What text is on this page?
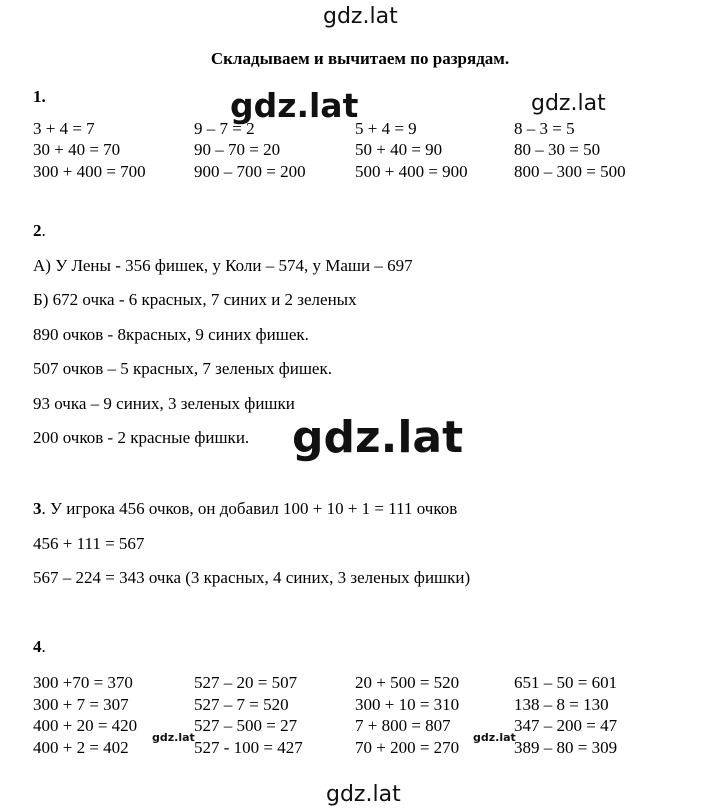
gdz.lat
gdz.lat
gdz.lat
Складываем и вычитаем по разрядам.
1.
3 + 4 = 7
30 + 40 = 70
300 + 400 = 700
9 – 7 = 2
90 – 70 = 20
900 – 700 = 200
5 + 4 = 9
50 + 40 = 90
500 + 400 = 900
8 – 3 = 5
80 – 30 = 50
800 – 300 = 500
2.
А) У Лены - 356 фишек, у Коли – 574, у Маши – 697
Б) 672 очка - 6 красных, 7 синих и 2 зеленых
890 очков - 8красных, 9 синих фишек.
507 очков – 5 красных, 7 зеленых фишек.
93 очка – 9 синих, 3 зеленых фишки
200 очков - 2 красные фишки. gdz.lat
3. У игрока 456 очков, он добавил 100 + 10 + 1 = 111 очков
456 + 111 = 567
567 – 224 = 343 очка (3 красных, 4 синих, 3 зеленых фишки)
4.
300 +70 = 370
300 + 7 = 307
400 + 20 = 420
400 + 2 = 402
527 – 20 = 507
527 – 7 = 520
527 – 500 = 27
527 - 100 = 427
20 + 500 = 520
300 + 10 = 310
7 + 800 = 807
70 + 200 = 270
651 – 50 = 601
138 – 8 = 130
347 – 200 = 47
389 – 80 = 309
gdz.lat	gdz.lat
gdz.lat
